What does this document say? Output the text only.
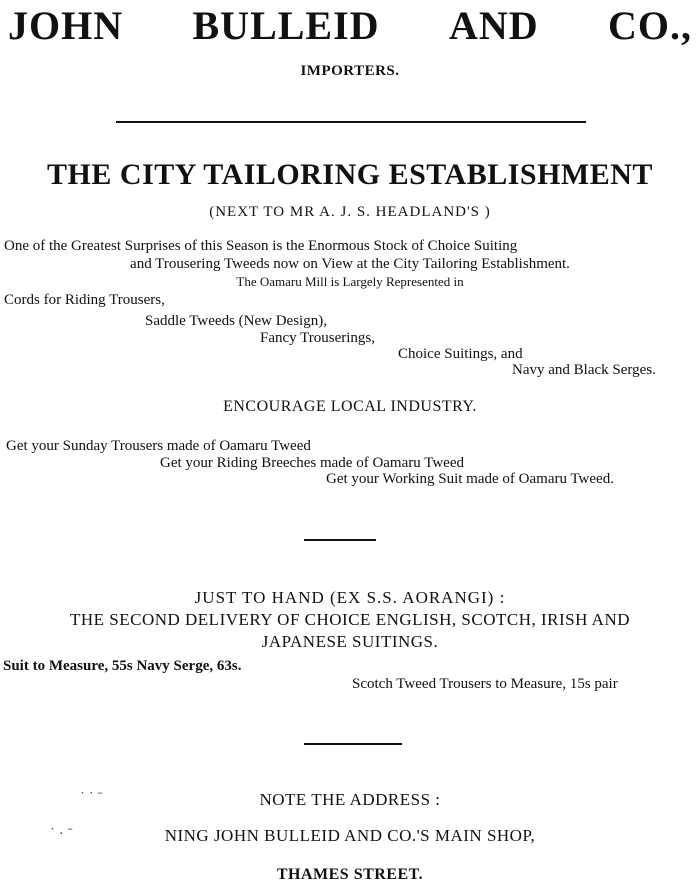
JOHN BULLEID AND CO.,
IMPORTERS.
THE CITY TAILORING ESTABLISHMENT
(NEXT TO MR A. J. S. HEADLAND'S )
One of the Greatest Surprises of this Season is the Enormous Stock of Choice Suiting
and Trousering Tweeds now on View at the City Tailoring Establishment.
The Oamaru Mill is Largely Represented in
Cords for Riding Trousers,
Saddle Tweeds (New Design),
Fancy Trouserings,
Choice Suitings, and
Navy and Black Serges.
ENCOURAGE LOCAL INDUSTRY.
Get your Sunday Trousers made of Oamaru Tweed
Get your Riding Breeches made of Oamaru Tweed
Get your Working Suit made of Oamaru Tweed.
JUST TO HAND (EX S.S. AORANGI) :
THE SECOND DELIVERY OF CHOICE ENGLISH, SCOTCH, IRISH AND
JAPANESE SUITINGS.
Suit to Measure, 55s Navy Serge, 63s.
Scotch Tweed Trousers to Measure, 15s pair
˙ ˙ ˉ
˙ · ˉ
NOTE THE ADDRESS :
NING JOHN BULLEID AND CO.'S MAIN SHOP,
THAMES STREET.
